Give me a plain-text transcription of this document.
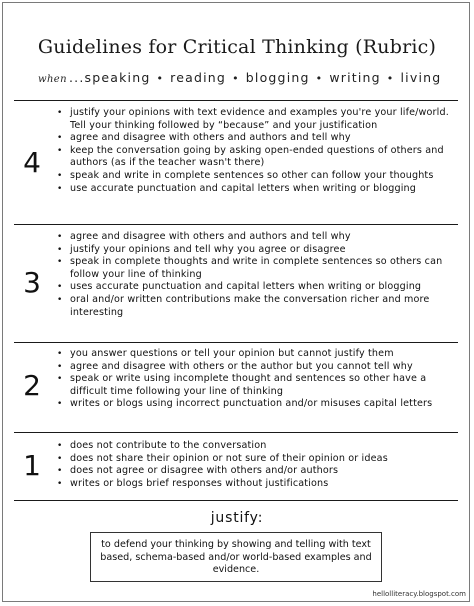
Guidelines for Critical Thinking (Rubric)
when ...speaking • reading • blogging • writing • living
4
• justify your opinions with text evidence and examples you're your life/world. Tell your thinking followed by “because” and your justification
• agree and disagree with others and authors and tell why
• keep the conversation going by asking open-ended questions of others and authors (as if the teacher wasn't there)
• speak and write in complete sentences so other can follow your thoughts
• use accurate punctuation and capital letters when writing or blogging
3
• agree and disagree with others and authors and tell why
• justify your opinions and tell why you agree or disagree
• speak in complete thoughts and write in complete sentences so others can follow your line of thinking
• uses accurate punctuation and capital letters when writing or blogging
• oral and/or written contributions make the conversation richer and more interesting
2
• you answer questions or tell your opinion but cannot justify them
• agree and disagree with others or the author but you cannot tell why
• speak or write using incomplete thought and sentences so other have a difficult time following your line of thinking
• writes or blogs using incorrect punctuation and/or misuses capital letters
1
• does not contribute to the conversation
• does not share their opinion or not sure of their opinion or ideas
• does not agree or disagree with others and/or authors
• writes or blogs brief responses without justifications
justify:
to defend your thinking by showing and telling with text based, schema-based and/or world-based examples and evidence.
hellolliteracy.blogspot.com
